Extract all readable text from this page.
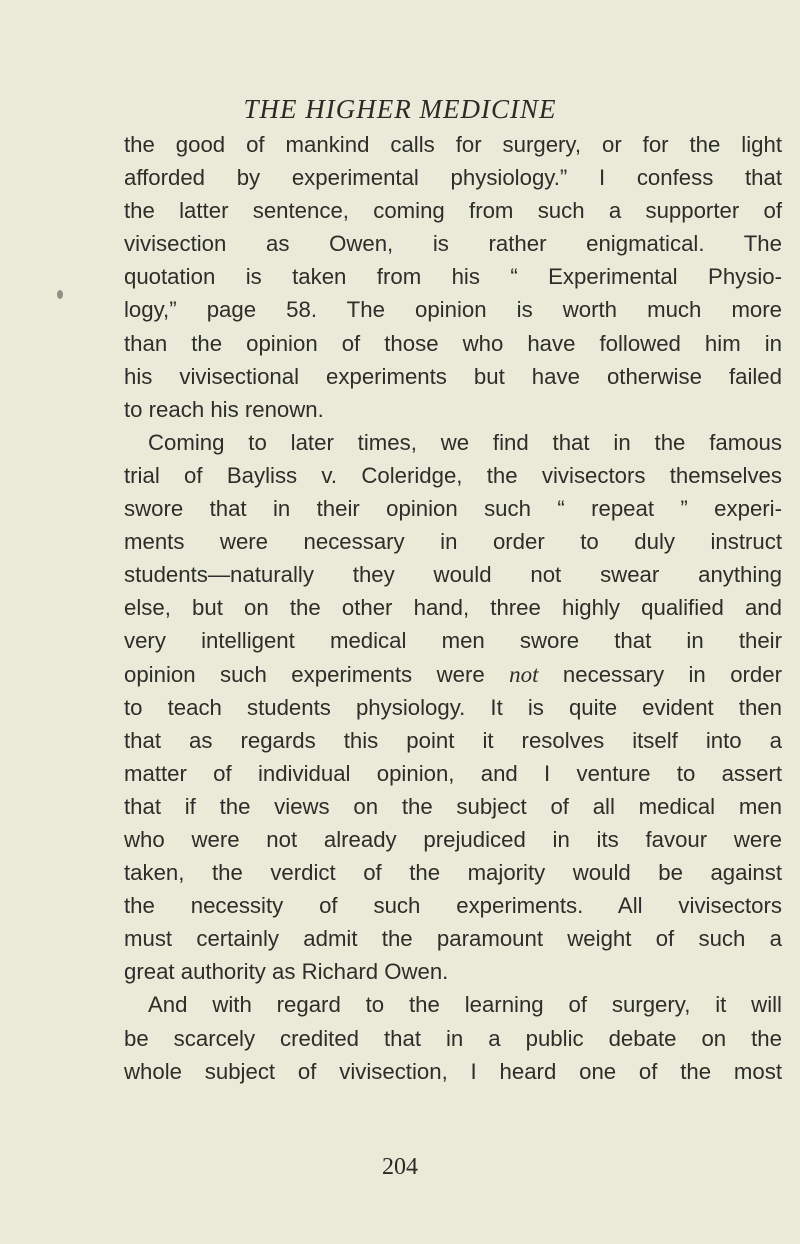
THE HIGHER MEDICINE
the good of mankind calls for surgery, or for the light
afforded by experimental physiology.” I confess that
the latter sentence, coming from such a supporter of
vivisection as Owen, is rather enigmatical. The
quotation is taken from his “ Experimental Physio-
logy,” page 58. The opinion is worth much more
than the opinion of those who have followed him in
his vivisectional experiments but have otherwise failed
to reach his renown.
Coming to later times, we find that in the famous
trial of Bayliss v. Coleridge, the vivisectors themselves
swore that in their opinion such “ repeat ” experi-
ments were necessary in order to duly instruct
students—naturally they would not swear anything
else, but on the other hand, three highly qualified and
very intelligent medical men swore that in their
opinion such experiments were not necessary in order
to teach students physiology. It is quite evident then
that as regards this point it resolves itself into a
matter of individual opinion, and I venture to assert
that if the views on the subject of all medical men
who were not already prejudiced in its favour were
taken, the verdict of the majority would be against
the necessity of such experiments. All vivisectors
must certainly admit the paramount weight of such a
great authority as Richard Owen.
And with regard to the learning of surgery, it will
be scarcely credited that in a public debate on the
whole subject of vivisection, I heard one of the most
204
